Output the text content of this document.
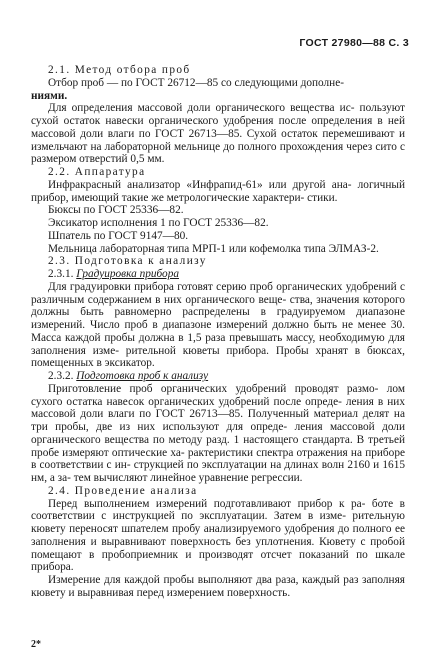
ГОСТ 27980—88 С. 3

2.1. Метод отбора проб

Отбор проб — по ГОСТ 26712—85 со следующими дополне-

ниями.

Для определения массовой доли органического вещества ис- пользуют сухой остаток навески органического удобрения после определения в ней массовой доли влаги по ГОСТ 26713—85. Сухой остаток перемешивают и измельчают на лабораторной мельнице до полного прохождения через сито с размером отверстий 0,5 мм.

2.2. Аппаратура

Инфракрасный анализатор «Инфрапид-61» или другой ана- логичный прибор, имеющий такие же метрологические характери- стики.

Бюксы по ГОСТ 25336—82.

Эксикатор исполнения 1 по ГОСТ 25336—82.

Шпатель по ГОСТ 9147—80.

Мельница лабораторная типа МРП-1 или кофемолка типа ЭЛМАЗ-2.

2.3. Подготовка к анализу

2.3.1. Градуировка прибора

Для градуировки прибора готовят серию проб органических удобрений с различным содержанием в них органического веще- ства, значения которого должны быть равномерно распределены в градуируемом диапазоне измерений. Число проб в диапазоне измерений должно быть не менее 30. Масса каждой пробы должна в 1,5 раза превышать массу, необходимую для заполнения изме- рительной кюветы прибора. Пробы хранят в бюксах, помещенных в эксикатор.

2.3.2. Подготовка проб к анализу

Приготовление проб органических удобрений проводят размо- лом сухого остатка навесок органических удобрений после опреде- ления в них массовой доли влаги по ГОСТ 26713—85. Полученный материал делят на три пробы, две из них используют для опреде- ления массовой доли органического вещества по методу разд. 1 настоящего стандарта. В третьей пробе измеряют оптические ха- рактеристики спектра отражения на приборе в соответствии с ин- струкцией по эксплуатации на длинах волн 2160 и 1615 нм, а за- тем вычисляют линейное уравнение регрессии.

2.4. Проведение анализа

Перед выполнением измерений подготавливают прибор к ра- боте в соответствии с инструкцией по эксплуатации. Затем в изме- рительную кювету переносят шпателем пробу анализируемого удобрения до полного ее заполнения и выравнивают поверхность без уплотнения. Кювету с пробой помещают в пробоприемник и производят отсчет показаний по шкале прибора.

Измерение для каждой пробы выполняют два раза, каждый раз заполняя кювету и выравнивая перед измерением поверхность.

2*
